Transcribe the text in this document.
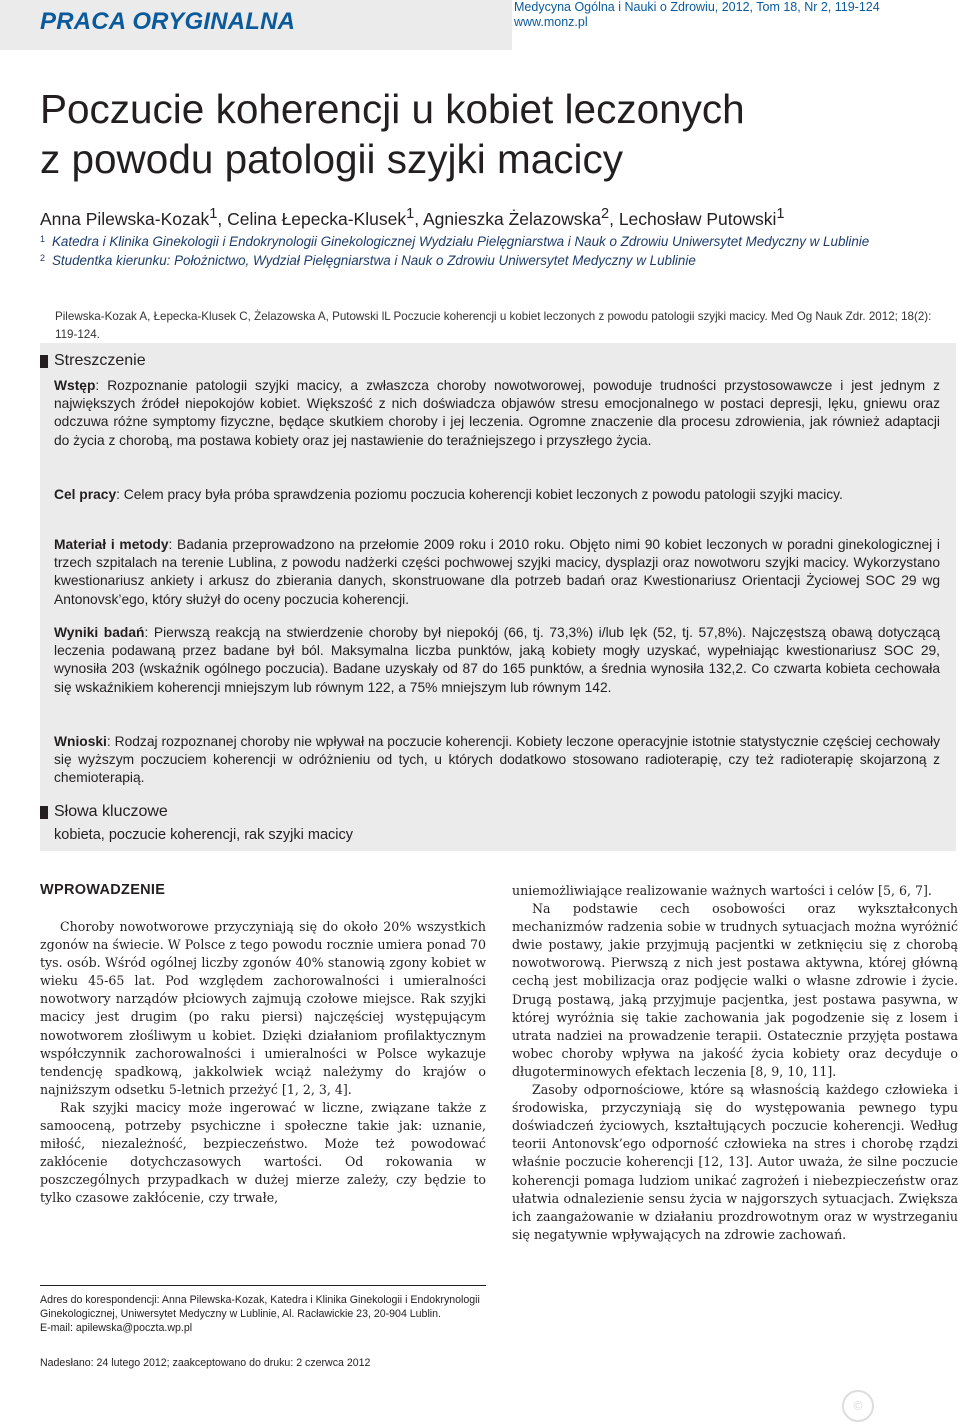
PRACA ORYGINALNA
Medycyna Ogólna i Nauki o Zdrowiu, 2012, Tom 18, Nr 2, 119-124
www.monz.pl
Poczucie koherencji u kobiet leczonych
z powodu patologii szyjki macicy
Anna Pilewska-Kozak$^1$, Celina Łepecka-Klusek$^1$, Agnieszka Żelazowska$^2$, Lechosław Putowski$^1$
1 Katedra i Klinika Ginekologii i Endokrynologii Ginekologicznej Wydziału Pielęgniarstwa i Nauk o Zdrowiu Uniwersytet Medyczny w Lublinie
2 Studentka kierunku: Położnictwo, Wydział Pielęgniarstwa i Nauk o Zdrowiu Uniwersytet Medyczny w Lublinie
Pilewska-Kozak A, Łepecka-Klusek C, Żelazowska A, Putowski lL Poczucie koherencji u kobiet leczonych z powodu patologii szyjki macicy. Med Og Nauk Zdr. 2012; 18(2): 119-124.
Streszczenie
Wstęp: Rozpoznanie patologii szyjki macicy, a zwłaszcza choroby nowotworowej, powoduje trudności przystosowawcze i jest jednym z największych źródeł niepokojów kobiet. Większość z nich doświadcza objawów stresu emocjonalnego w postaci depresji, lęku, gniewu oraz odczuwa różne symptomy fizyczne, będące skutkiem choroby i jej leczenia. Ogromne znaczenie dla procesu zdrowienia, jak również adaptacji do życia z chorobą, ma postawa kobiety oraz jej nastawienie do teraźniejszego i przyszłego życia.
Cel pracy: Celem pracy była próba sprawdzenia poziomu poczucia koherencji kobiet leczonych z powodu patologii szyjki macicy.
Materiał i metody: Badania przeprowadzono na przełomie 2009 roku i 2010 roku. Objęto nimi 90 kobiet leczonych w poradni ginekologicznej i trzech szpitalach na terenie Lublina, z powodu nadżerki części pochwowej szyjki macicy, dysplazji oraz nowotworu szyjki macicy. Wykorzystano kwestionariusz ankiety i arkusz do zbierania danych, skonstruowane dla potrzeb badań oraz Kwestionariusz Orientacji Życiowej SOC 29 wg Antonovsk’ego, który służył do oceny poczucia koherencji.
Wyniki badań: Pierwszą reakcją na stwierdzenie choroby był niepokój (66, tj. 73,3%) i/lub lęk (52, tj. 57,8%). Najczęstszą obawą dotyczącą leczenia podawaną przez badane był ból. Maksymalna liczba punktów, jaką kobiety mogły uzyskać, wypełniając kwestionariusz SOC 29, wynosiła 203 (wskaźnik ogólnego poczucia). Badane uzyskały od 87 do 165 punktów, a średnia wynosiła 132,2. Co czwarta kobieta cechowała się wskaźnikiem koherencji mniejszym lub równym 122, a 75% mniejszym lub równym 142.
Wnioski: Rodzaj rozpoznanej choroby nie wpływał na poczucie koherencji. Kobiety leczone operacyjnie istotnie statystycznie częściej cechowały się wyższym poczuciem koherencji w odróżnieniu od tych, u których dodatkowo stosowano radioterapię, czy też radioterapię skojarzoną z chemioterapią.
Słowa kluczowe
kobieta, poczucie koherencji, rak szyjki macicy
WPROWADZENIE

Choroby nowotworowe przyczyniają się do około 20% wszystkich zgonów na świecie. W Polsce z tego powodu rocznie umiera ponad 70 tys. osób. Wśród ogólnej liczby zgonów 40% stanowią zgony kobiet w wieku 45-65 lat. Pod względem zachorowalności i umieralności nowotwory narządów płciowych zajmują czołowe miejsce. Rak szyjki macicy jest drugim (po raku piersi) najczęściej występującym nowotworem złośliwym u kobiet. Dzięki działaniom profilaktycznym współczynnik zachorowalności i umieralności w Polsce wykazuje tendencję spadkową, jakkolwiek wciąż należymy do krajów o najniższym odsetku 5-letnich przeżyć [1, 2, 3, 4].

Rak szyjki macicy może ingerować w liczne, związane także z samooceną, potrzeby psychiczne i społeczne takie jak: uznanie, miłość, niezależność, bezpieczeństwo. Może też powodować zakłócenie dotychczasowych wartości. Od rokowania w poszczególnych przypadkach w dużej mierze zależy, czy będzie to tylko czasowe zakłócenie, czy trwałe,

uniemożliwiające realizowanie ważnych wartości i celów [5, 6, 7].

Na podstawie cech osobowości oraz wykształconych mechanizmów radzenia sobie w trudnych sytuacjach można wyróżnić dwie postawy, jakie przyjmują pacjentki w zetknięciu się z chorobą nowotworową. Pierwszą z nich jest postawa aktywna, której główną cechą jest mobilizacja oraz podjęcie walki o własne zdrowie i życie. Drugą postawą, jaką przyjmuje pacjentka, jest postawa pasywna, w której wyróżnia się takie zachowania jak pogodzenie się z losem i utrata nadziei na prowadzenie terapii. Ostatecznie przyjęta postawa wobec choroby wpływa na jakość życia kobiety oraz decyduje o długoterminowych efektach leczenia [8, 9, 10, 11].

Zasoby odpornościowe, które są własnością każdego człowieka i środowiska, przyczyniają się do występowania pewnego typu doświadczeń życiowych, kształtujących poczucie koherencji. Według teorii Antonovsk’ego odporność człowieka na stres i chorobę rządzi właśnie poczucie koherencji [12, 13]. Autor uważa, że silne poczucie koherencji pomaga ludziom unikać zagrożeń i niebezpieczeństw oraz ułatwia odnalezienie sensu życia w najgorszych sytuacjach. Zwiększa ich zaangażowanie w działaniu prozdrowotnym oraz w wystrzeganiu się negatywnie wpływających na zdrowie zachowań.

Adres do korespondencji: Anna Pilewska-Kozak, Katedra i Klinika Ginekologii i Endokrynologii Ginekologicznej, Uniwersytet Medyczny w Lublinie, Al. Racławickie 23, 20-904 Lublin.
E-mail: apilewska@poczta.wp.pl
Nadesłano: 24 lutego 2012; zaakceptowano do druku: 2 czerwca 2012
©
